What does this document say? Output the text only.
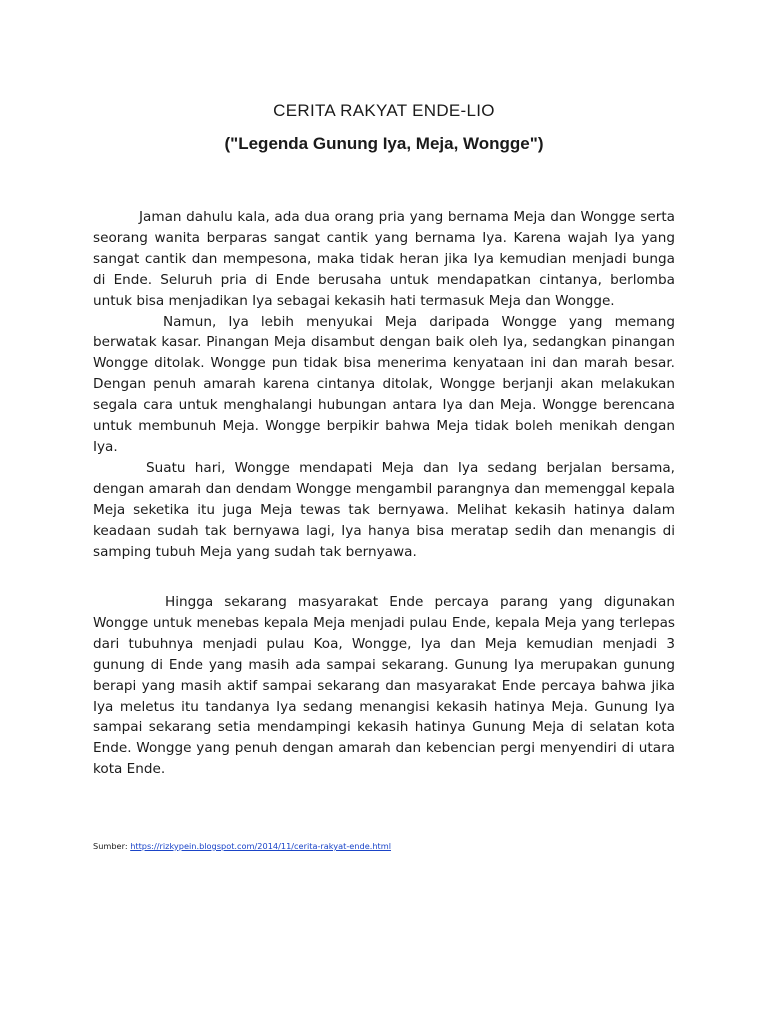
CERITA RAKYAT ENDE-LIO
("Legenda Gunung Iya, Meja, Wongge")

Jaman dahulu kala, ada dua orang pria yang bernama Meja dan Wongge serta seorang wanita berparas sangat cantik yang bernama Iya. Karena wajah Iya yang sangat cantik dan mempesona, maka tidak heran jika Iya kemudian menjadi bunga di Ende. Seluruh pria di Ende berusaha untuk mendapatkan cintanya, berlomba untuk bisa menjadikan Iya sebagai kekasih hati termasuk Meja dan Wongge.

Namun, Iya lebih menyukai Meja daripada Wongge yang memang berwatak kasar. Pinangan Meja disambut dengan baik oleh Iya, sedangkan pinangan Wongge ditolak. Wongge pun tidak bisa menerima kenyataan ini dan marah besar. Dengan penuh amarah karena cintanya ditolak, Wongge berjanji akan melakukan segala cara untuk menghalangi hubungan antara Iya dan Meja. Wongge berencana untuk membunuh Meja. Wongge berpikir bahwa Meja tidak boleh menikah dengan Iya.

Suatu hari, Wongge mendapati Meja dan Iya sedang berjalan bersama, dengan amarah dan dendam Wongge mengambil parangnya dan memenggal kepala Meja seketika itu juga Meja tewas tak bernyawa. Melihat kekasih hatinya dalam keadaan sudah tak bernyawa lagi, Iya hanya bisa meratap sedih dan menangis di samping tubuh Meja yang sudah tak bernyawa.

Hingga sekarang masyarakat Ende percaya parang yang digunakan Wongge untuk menebas kepala Meja menjadi pulau Ende, kepala Meja yang terlepas dari tubuhnya menjadi pulau Koa, Wongge, Iya dan Meja kemudian menjadi 3 gunung di Ende yang masih ada sampai sekarang. Gunung Iya merupakan gunung berapi yang masih aktif sampai sekarang dan masyarakat Ende percaya bahwa jika Iya meletus itu tandanya Iya sedang menangisi kekasih hatinya Meja. Gunung Iya sampai sekarang setia mendampingi kekasih hatinya Gunung Meja di selatan kota Ende. Wongge yang penuh dengan amarah dan kebencian pergi menyendiri di utara kota Ende.

Sumber: https://rizkypein.blogspot.com/2014/11/cerita-rakyat-ende.html
